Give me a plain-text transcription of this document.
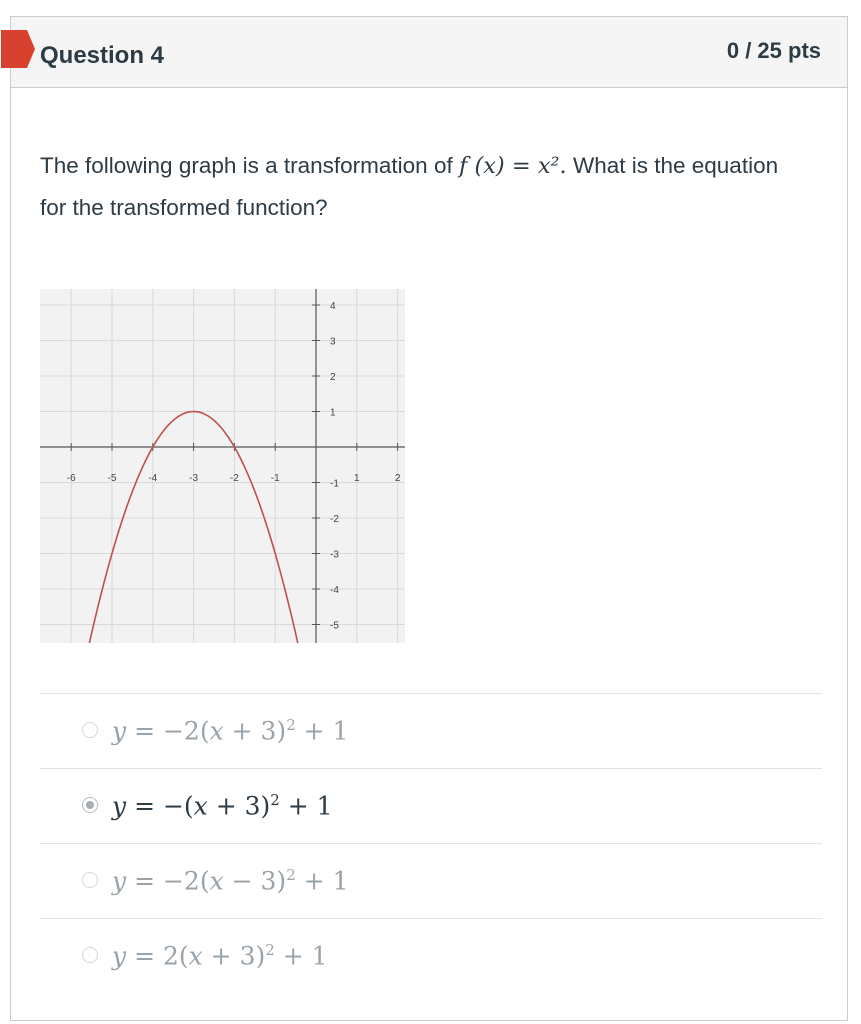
Question 4	0 / 25 pts
The following graph is a transformation of f (x) = x². What is the equation for the transformed function?
-6	-5	-4	-3	-2	-1	1	2
4
3
2
1
-1
-2
-3
-4
-5
$y = -2(x + 3)^2 + 1$
$y = -(x + 3)^2 + 1$
$y = -2(x - 3)^2 + 1$
$y = 2(x + 3)^2 + 1$
